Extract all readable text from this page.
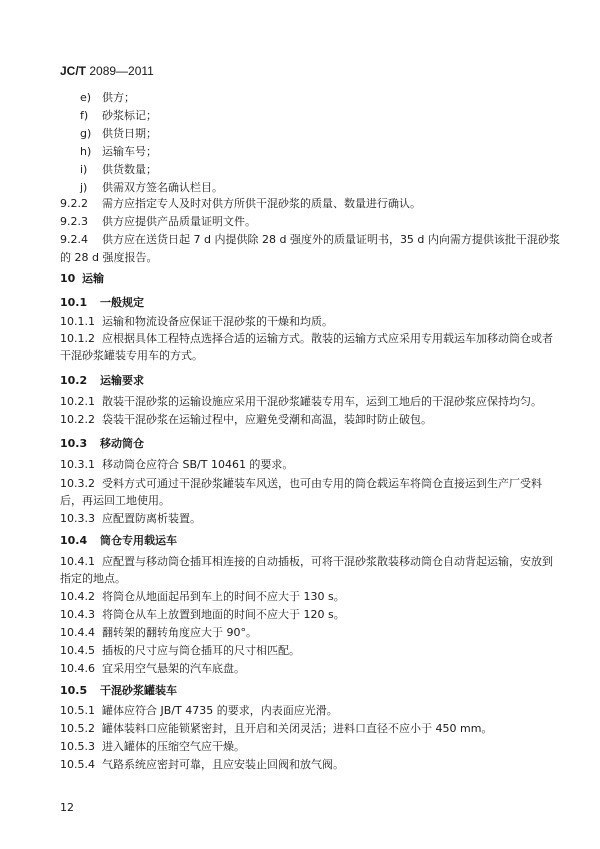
JC/T 2089—2011
e) 供方；
f) 砂浆标记；
g) 供货日期；
h) 运输车号；
i) 供货数量；
j) 供需双方签名确认栏目。
9.2.2 需方应指定专人及时对供方所供干混砂浆的质量、数量进行确认。
9.2.3 供方应提供产品质量证明文件。
9.2.4 供方应在送货日起 7 d 内提供除 28 d 强度外的质量证明书，35 d 内向需方提供该批干混砂浆
的 28 d 强度报告。
10 运输
10.1 一般规定
10.1.1 运输和物流设备应保证干混砂浆的干燥和均质。
10.1.2 应根据具体工程特点选择合适的运输方式。散装的运输方式应采用专用载运车加移动筒仓或者
干混砂浆罐装专用车的方式。
10.2 运输要求
10.2.1 散装干混砂浆的运输设施应采用干混砂浆罐装专用车，运到工地后的干混砂浆应保持均匀。
10.2.2 袋装干混砂浆在运输过程中，应避免受潮和高温，装卸时防止破包。
10.3 移动筒仓
10.3.1 移动筒仓应符合 SB/T 10461 的要求。
10.3.2 受料方式可通过干混砂浆罐装车风送，也可由专用的筒仓载运车将筒仓直接运到生产厂受料
后，再运回工地使用。
10.3.3 应配置防离析装置。
10.4 筒仓专用载运车
10.4.1 应配置与移动筒仓插耳相连接的自动插板，可将干混砂浆散装移动筒仓自动背起运输，安放到
指定的地点。
10.4.2 将筒仓从地面起吊到车上的时间不应大于 130 s。
10.4.3 将筒仓从车上放置到地面的时间不应大于 120 s。
10.4.4 翻转架的翻转角度应大于 90°。
10.4.5 插板的尺寸应与筒仓插耳的尺寸相匹配。
10.4.6 宜采用空气悬架的汽车底盘。
10.5 干混砂浆罐装车
10.5.1 罐体应符合 JB/T 4735 的要求，内表面应光滑。
10.5.2 罐体装料口应能锁紧密封，且开启和关闭灵活；进料口直径不应小于 450 mm。
10.5.3 进入罐体的压缩空气应干燥。
10.5.4 气路系统应密封可靠，且应安装止回阀和放气阀。
12
